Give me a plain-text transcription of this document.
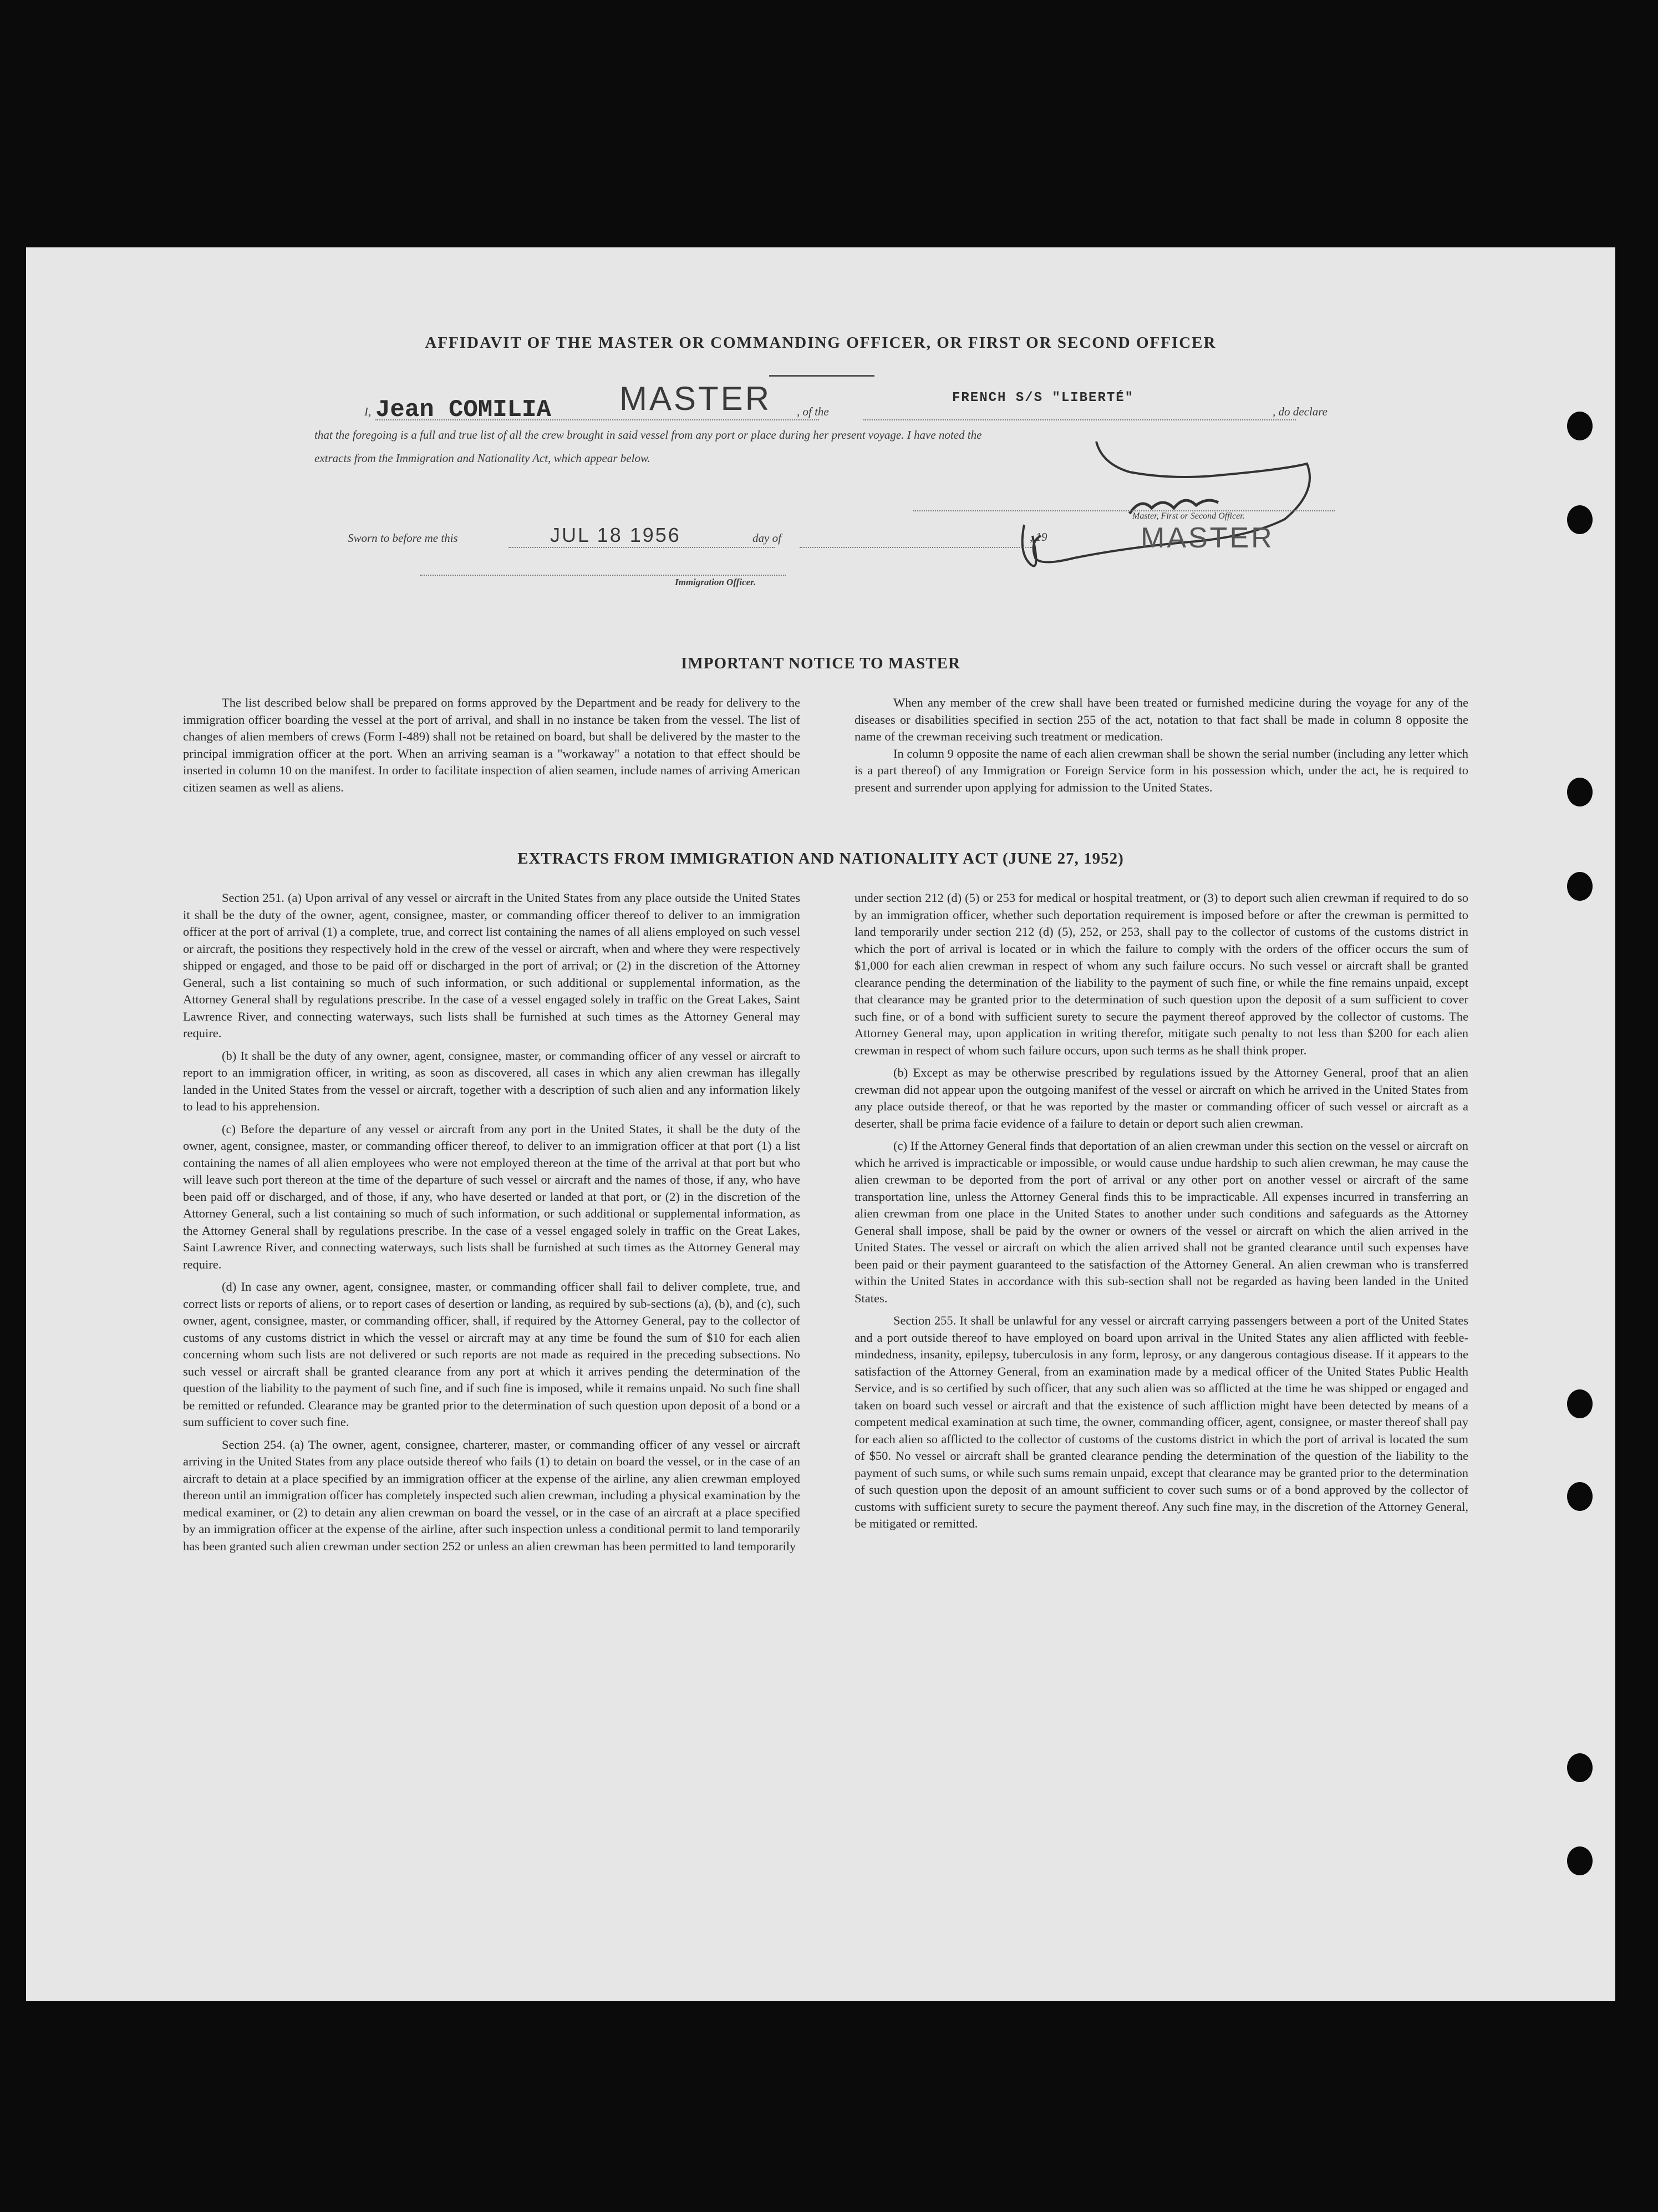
AFFIDAVIT OF THE MASTER OR COMMANDING OFFICER, OR FIRST OR SECOND OFFICER
I, Jean COMILIA MASTER , of the
FRENCH S/S "LIBERTÉ"
, do declare
that the foregoing is a full and true list of all the crew brought in said vessel from any port or place during her present voyage. I have noted the
extracts from the Immigration and Nationality Act, which appear below.
Sworn to before me this	JUL 18 1956	day of	, 19
Master, First or Second Officer.
MASTER
Immigration Officer.
IMPORTANT NOTICE TO MASTER

The list described below shall be prepared on forms approved by the Department and be ready for delivery to the immigration officer boarding the vessel at the port of arrival, and shall in no instance be taken from the vessel. The list of changes of alien members of crews (Form I-489) shall not be retained on board, but shall be delivered by the master to the principal immigration officer at the port. When an arriving seaman is a "workaway" a notation to that effect should be inserted in column 10 on the manifest. In order to facilitate inspection of alien seamen, include names of arriving American citizen seamen as well as aliens.

When any member of the crew shall have been treated or furnished medicine during the voyage for any of the diseases or disabilities specified in section 255 of the act, notation to that fact shall be made in column 8 opposite the name of the crewman receiving such treatment or medication.

In column 9 opposite the name of each alien crewman shall be shown the serial number (including any letter which is a part thereof) of any Immigration or Foreign Service form in his possession which, under the act, he is required to present and surrender upon applying for admission to the United States.

EXTRACTS FROM IMMIGRATION AND NATIONALITY ACT (JUNE 27, 1952)

Section 251. (a) Upon arrival of any vessel or aircraft in the United States from any place outside the United States it shall be the duty of the owner, agent, consignee, master, or commanding officer thereof to deliver to an immigration officer at the port of arrival (1) a complete, true, and correct list containing the names of all aliens employed on such vessel or aircraft, the positions they respectively hold in the crew of the vessel or aircraft, when and where they were respectively shipped or engaged, and those to be paid off or discharged in the port of arrival; or (2) in the discretion of the Attorney General, such a list containing so much of such information, or such additional or supplemental information, as the Attorney General shall by regulations prescribe. In the case of a vessel engaged solely in traffic on the Great Lakes, Saint Lawrence River, and connecting waterways, such lists shall be furnished at such times as the Attorney General may require.

(b) It shall be the duty of any owner, agent, consignee, master, or commanding officer of any vessel or aircraft to report to an immigration officer, in writing, as soon as discovered, all cases in which any alien crewman has illegally landed in the United States from the vessel or aircraft, together with a description of such alien and any information likely to lead to his apprehension.

(c) Before the departure of any vessel or aircraft from any port in the United States, it shall be the duty of the owner, agent, consignee, master, or commanding officer thereof, to deliver to an immigration officer at that port (1) a list containing the names of all alien employees who were not employed thereon at the time of the arrival at that port but who will leave such port thereon at the time of the departure of such vessel or aircraft and the names of those, if any, who have been paid off or discharged, and of those, if any, who have deserted or landed at that port, or (2) in the discretion of the Attorney General, such a list containing so much of such information, or such additional or supplemental information, as the Attorney General shall by regulations prescribe. In the case of a vessel engaged solely in traffic on the Great Lakes, Saint Lawrence River, and connecting waterways, such lists shall be furnished at such times as the Attorney General may require.

(d) In case any owner, agent, consignee, master, or commanding officer shall fail to deliver complete, true, and correct lists or reports of aliens, or to report cases of desertion or landing, as required by sub-sections (a), (b), and (c), such owner, agent, consignee, master, or commanding officer, shall, if required by the Attorney General, pay to the collector of customs of any customs district in which the vessel or aircraft may at any time be found the sum of $10 for each alien concerning whom such lists are not delivered or such reports are not made as required in the preceding subsections. No such vessel or aircraft shall be granted clearance from any port at which it arrives pending the determination of the question of the liability to the payment of such fine, and if such fine is imposed, while it remains unpaid. No such fine shall be remitted or refunded. Clearance may be granted prior to the determination of such question upon deposit of a bond or a sum sufficient to cover such fine.

Section 254. (a) The owner, agent, consignee, charterer, master, or commanding officer of any vessel or aircraft arriving in the United States from any place outside thereof who fails (1) to detain on board the vessel, or in the case of an aircraft to detain at a place specified by an immigration officer at the expense of the airline, any alien crewman employed thereon until an immigration officer has completely inspected such alien crewman, including a physical examination by the medical examiner, or (2) to detain any alien crewman on board the vessel, or in the case of an aircraft at a place specified by an immigration officer at the expense of the airline, after such inspection unless a conditional permit to land temporarily has been granted such alien crewman under section 252 or unless an alien crewman has been permitted to land temporarily

under section 212 (d) (5) or 253 for medical or hospital treatment, or (3) to deport such alien crewman if required to do so by an immigration officer, whether such deportation requirement is imposed before or after the crewman is permitted to land temporarily under section 212 (d) (5), 252, or 253, shall pay to the collector of customs of the customs district in which the port of arrival is located or in which the failure to comply with the orders of the officer occurs the sum of $1,000 for each alien crewman in respect of whom any such failure occurs. No such vessel or aircraft shall be granted clearance pending the determination of the liability to the payment of such fine, or while the fine remains unpaid, except that clearance may be granted prior to the determination of such question upon the deposit of a sum sufficient to cover such fine, or of a bond with sufficient surety to secure the payment thereof approved by the collector of customs. The Attorney General may, upon application in writing therefor, mitigate such penalty to not less than $200 for each alien crewman in respect of whom such failure occurs, upon such terms as he shall think proper.

(b) Except as may be otherwise prescribed by regulations issued by the Attorney General, proof that an alien crewman did not appear upon the outgoing manifest of the vessel or aircraft on which he arrived in the United States from any place outside thereof, or that he was reported by the master or commanding officer of such vessel or aircraft as a deserter, shall be prima facie evidence of a failure to detain or deport such alien crewman.

(c) If the Attorney General finds that deportation of an alien crewman under this section on the vessel or aircraft on which he arrived is impracticable or impossible, or would cause undue hardship to such alien crewman, he may cause the alien crewman to be deported from the port of arrival or any other port on another vessel or aircraft of the same transportation line, unless the Attorney General finds this to be impracticable. All expenses incurred in transferring an alien crewman from one place in the United States to another under such conditions and safeguards as the Attorney General shall impose, shall be paid by the owner or owners of the vessel or aircraft on which the alien arrived in the United States. The vessel or aircraft on which the alien arrived shall not be granted clearance until such expenses have been paid or their payment guaranteed to the satisfaction of the Attorney General. An alien crewman who is transferred within the United States in accordance with this sub-section shall not be regarded as having been landed in the United States.

Section 255. It shall be unlawful for any vessel or aircraft carrying passengers between a port of the United States and a port outside thereof to have employed on board upon arrival in the United States any alien afflicted with feeble-mindedness, insanity, epilepsy, tuberculosis in any form, leprosy, or any dangerous contagious disease. If it appears to the satisfaction of the Attorney General, from an examination made by a medical officer of the United States Public Health Service, and is so certified by such officer, that any such alien was so afflicted at the time he was shipped or engaged and taken on board such vessel or aircraft and that the existence of such affliction might have been detected by means of a competent medical examination at such time, the owner, commanding officer, agent, consignee, or master thereof shall pay for each alien so afflicted to the collector of customs of the customs district in which the port of arrival is located the sum of $50. No vessel or aircraft shall be granted clearance pending the determination of the question of the liability to the payment of such sums, or while such sums remain unpaid, except that clearance may be granted prior to the determination of such question upon the deposit of an amount sufficient to cover such sums or of a bond approved by the collector of customs with sufficient surety to secure the payment thereof. Any such fine may, in the discretion of the Attorney General, be mitigated or remitted.
